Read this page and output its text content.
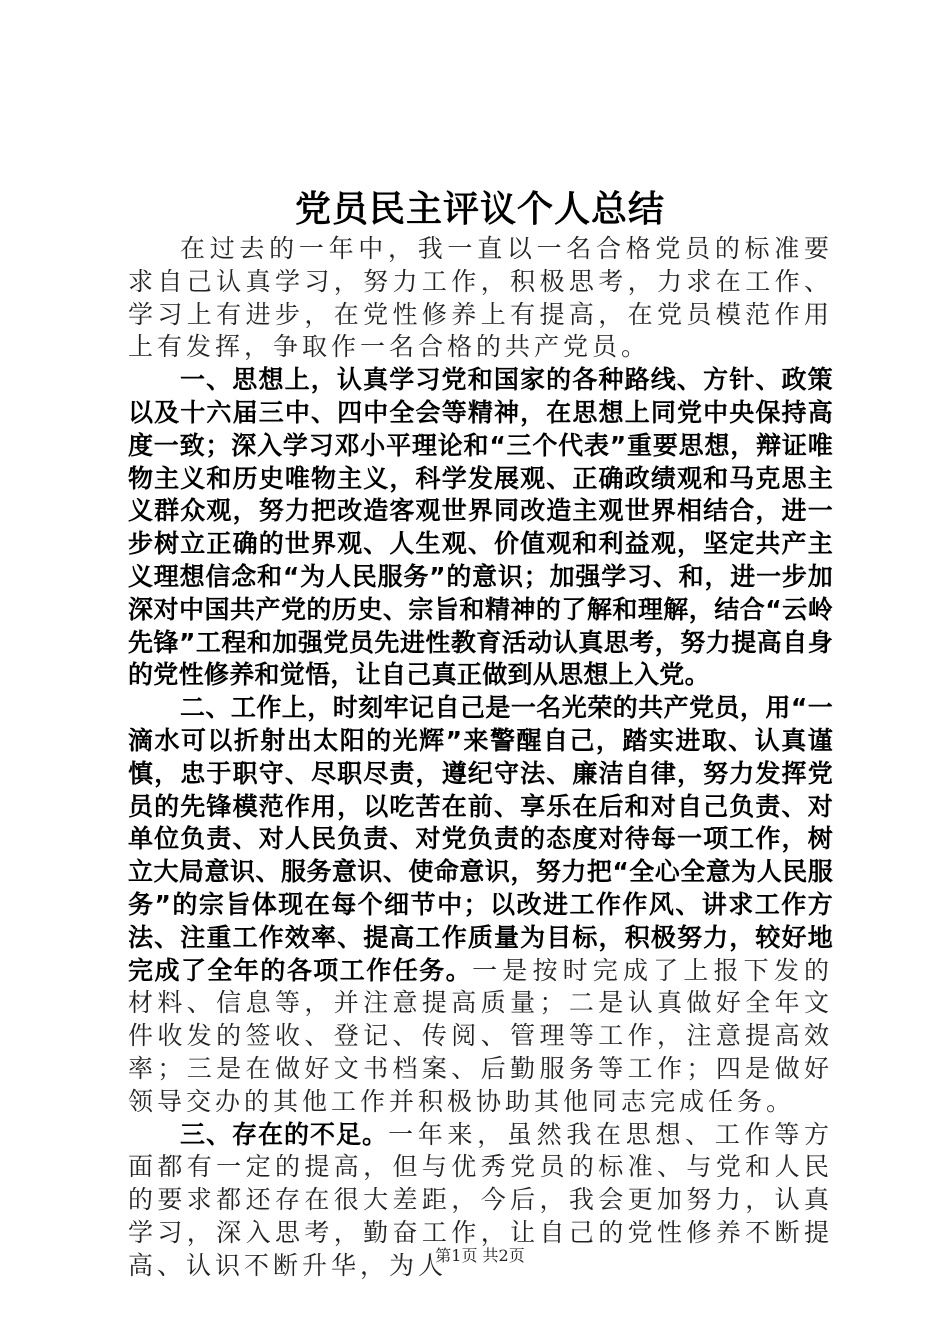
党员民主评议个人总结

在过去的一年中，我一直以一名合格党员的标准要求自己认真学习，努力工作，积极思考，力求在工作、学习上有进步，在党性修养上有提高，在党员模范作用上有发挥，争取作一名合格的共产党员。

一、思想上，认真学习党和国家的各种路线、方针、政策以及十六届三中、四中全会等精神，在思想上同党中央保持高度一致；深入学习邓小平理论和“三个代表”重要思想，辩证唯物主义和历史唯物主义，科学发展观、正确政绩观和马克思主义群众观，努力把改造客观世界同改造主观世界相结合，进一步树立正确的世界观、人生观、价值观和利益观，坚定共产主义理想信念和“为人民服务”的意识；加强学习、和，进一步加深对中国共产党的历史、宗旨和精神的了解和理解，结合“云岭先锋”工程和加强党员先进性教育活动认真思考，努力提高自身的党性修养和觉悟，让自己真正做到从思想上入党。

二、工作上，时刻牢记自己是一名光荣的共产党员，用“一滴水可以折射出太阳的光辉”来警醒自己，踏实进取、认真谨慎，忠于职守、尽职尽责，遵纪守法、廉洁自律，努力发挥党员的先锋模范作用，以吃苦在前、享乐在后和对自己负责、对单位负责、对人民负责、对党负责的态度对待每一项工作，树立大局意识、服务意识、使命意识，努力把“全心全意为人民服务”的宗旨体现在每个细节中；以改进工作作风、讲求工作方法、注重工作效率、提高工作质量为目标，积极努力，较好地完成了全年的各项工作任务。一是按时完成了上报下发的材料、信息等，并注意提高质量；二是认真做好全年文件收发的签收、登记、传阅、管理等工作，注意提高效率；三是在做好文书档案、后勤服务等工作；四是做好领导交办的其他工作并积极协助其他同志完成任务。

三、存在的不足。一年来，虽然我在思想、工作等方面都有一定的提高，但与优秀党员的标准、与党和人民的要求都还存在很大差距，今后，我会更加努力，认真学习，深入思考，勤奋工作，让自己的党性修养不断提高、认识不断升华，为人

第1页 共2页
